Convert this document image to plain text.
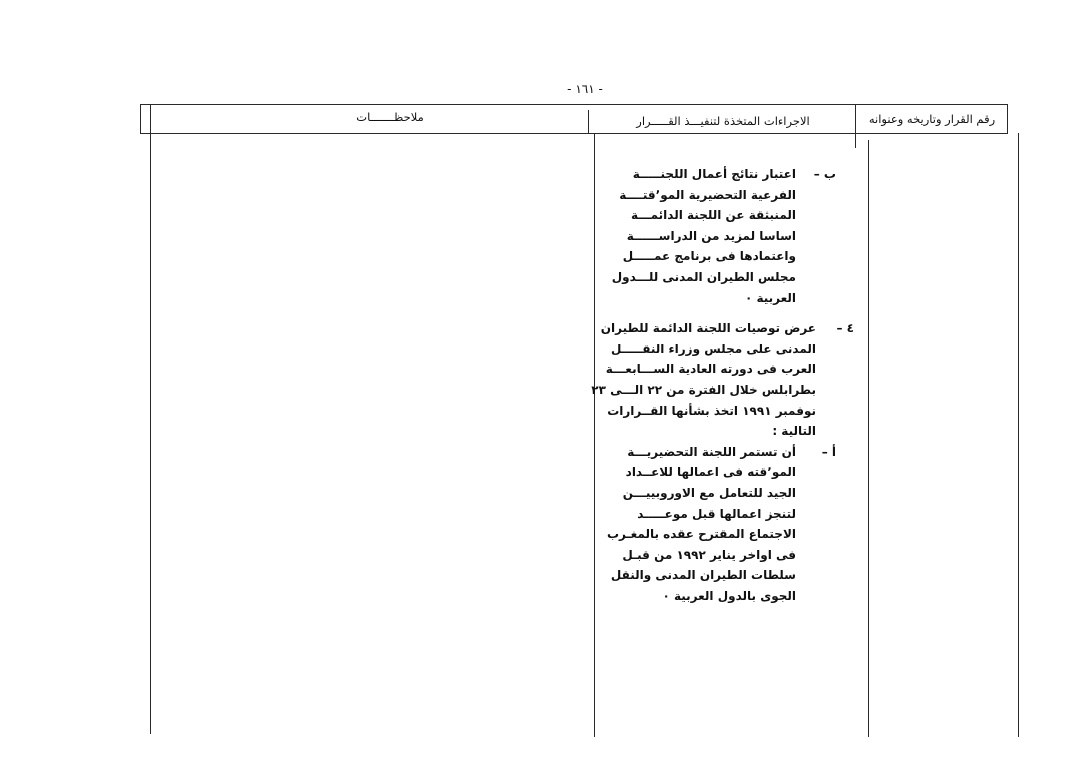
- ١٦١ -
رقم القرار وتاريخه وعنوانه
الاجراءات المتخذة لتنفيـــذ القـــــرار
ملاحظـــــــات
ب –
اعتبار نتائج أعمال اللجنـــــة
الفرعية التحضيرية المو٬قتــــة
المنبثقة عن اللجنة الدائمـــة
اساسا لمزيد من الدراســــــة
واعتمادها فى برنامج عمـــــل
مجلس الطيران المدنى للـــدول
العربية ٠
٤ –
عرض توصيات اللجنة الدائمة للطيران
المدنى على مجلس وزراء النقـــــل
العرب فى دورته العادية الســـابعـــة
بطرابلس خلال الفترة من ٢٢ الـــى ٢٣
نوفمبر ١٩٩١ اتخذ بشأنها القــرارات
التالية :
أ –
أن تستمر اللجنة التحضيريـــة
المو٬قته فى اعمالها للاعــداد
الجيد للتعامل مع الاوروبييـــن
لتنجز اعمالها قبل موعـــــد
الاجتماع المقترح عقده بالمغـرب
فى اواخر يناير ١٩٩٢ من قبـل
سلطات الطيران المدنى والنقل
الجوى بالدول العربية ٠
